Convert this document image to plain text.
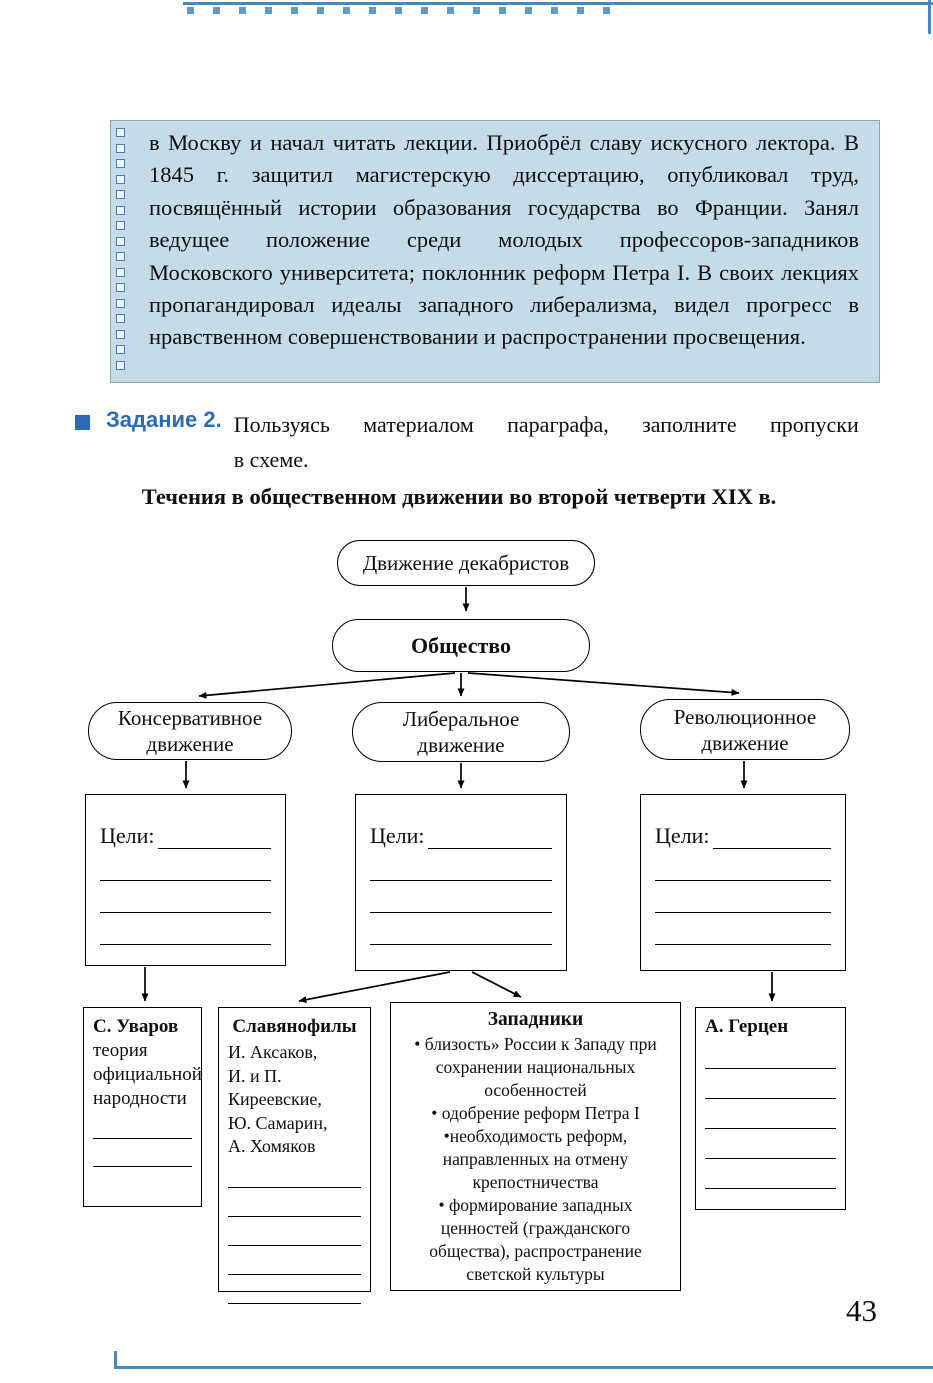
в Москву и начал читать лекции. Приобрёл славу искусного лектора. В 1845 г. защитил магистерскую диссертацию, опубликовал труд, посвящённый истории образования государства во Франции. Занял ведущее положение среди молодых профессоров-западников Московского университета; поклонник реформ Петра I. В своих лекциях пропагандировал идеалы западного либерализма, видел прогресс в нравственном совершенствовании и распространении просвещения.
Задание 2. Пользуясь материалом параграфа, заполните пропуски
в схеме.
Течения в общественном движении во второй четверти XIX в.
Движение декабристов
Общество
Консервативное движение
Либеральное движение
Революционное движение
Цели:	Цели:	Цели:
С. Уваров
теория официальной народности
Славянофилы
И. Аксаков,
И. и П. Киреевские,
Ю. Самарин,
А. Хомяков
Западники
• близость» России к Западу при сохранении национальных особенностей
• одобрение реформ Петра I
•необходимость реформ, направленных на отмену крепостничества
• формирование западных ценностей (гражданского общества), распространение светской культуры
А. Герцен
43
